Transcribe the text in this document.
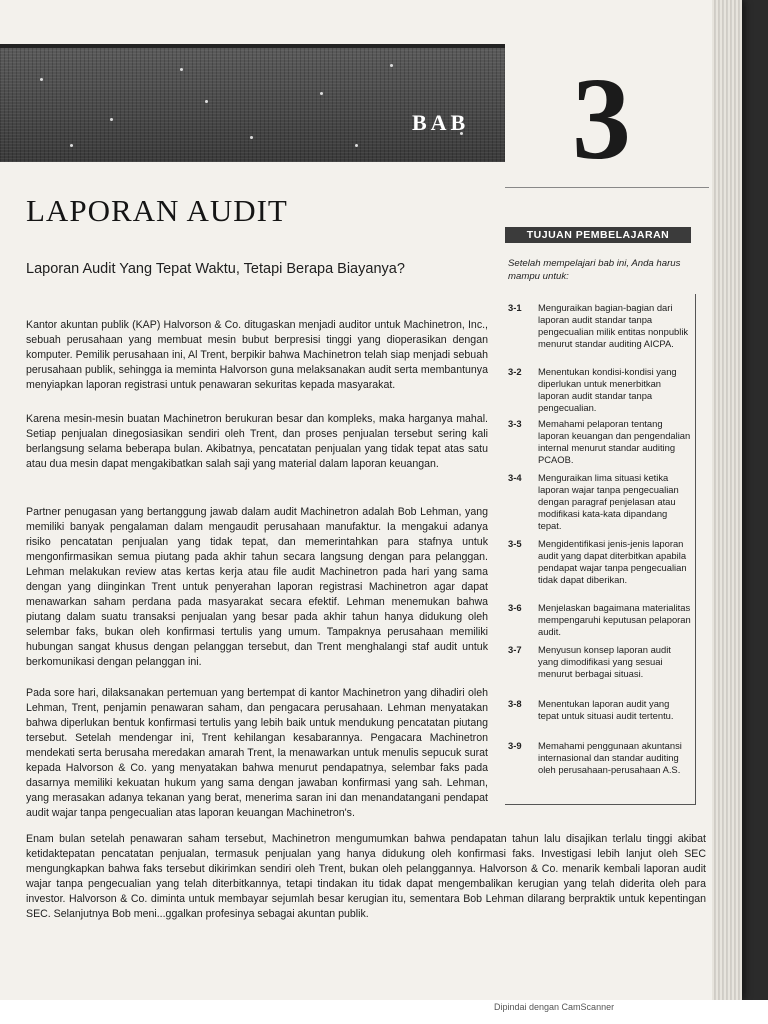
BAB 3
LAPORAN AUDIT
Laporan Audit Yang Tepat Waktu, Tetapi Berapa Biayanya?
Kantor akuntan publik (KAP) Halvorson & Co. ditugaskan menjadi auditor untuk Machinetron, Inc., sebuah perusahaan yang membuat mesin bubut berpresisi tinggi yang dioperasikan dengan komputer. Pemilik perusahaan ini, Al Trent, berpikir bahwa Machinetron telah siap menjadi sebuah perusahaan publik, sehingga ia meminta Halvorson guna melaksanakan audit serta membantunya menyiapkan laporan registrasi untuk penawaran sekuritas kepada masyarakat.
Karena mesin-mesin buatan Machinetron berukuran besar dan kompleks, maka harganya mahal. Setiap penjualan dinegosiasikan sendiri oleh Trent, dan proses penjualan tersebut sering kali berlangsung selama beberapa bulan. Akibatnya, pencatatan penjualan yang tidak tepat atas satu atau dua mesin dapat mengakibatkan salah saji yang material dalam laporan keuangan.
Partner penugasan yang bertanggung jawab dalam audit Machinetron adalah Bob Lehman, yang memiliki banyak pengalaman dalam mengaudit perusahaan manufaktur. Ia mengakui adanya risiko pencatatan penjualan yang tidak tepat, dan memerintahkan para stafnya untuk mengonfirmasikan semua piutang pada akhir tahun secara langsung dengan para pelanggan. Lehman melakukan review atas kertas kerja atau file audit Machinetron pada hari yang sama dengan yang diinginkan Trent untuk penyerahan laporan registrasi Machinetron agar dapat menawarkan saham perdana pada masyarakat secara efektif. Lehman menemukan bahwa piutang dalam suatu transaksi penjualan yang besar pada akhir tahun hanya didukung oleh selembar faks, bukan oleh konfirmasi tertulis yang umum. Tampaknya perusahaan memiliki hubungan sangat khusus dengan pelanggan tersebut, dan Trent menghalangi staf audit untuk berkomunikasi dengan pelanggan ini.
Pada sore hari, dilaksanakan pertemuan yang bertempat di kantor Machinetron yang dihadiri oleh Lehman, Trent, penjamin penawaran saham, dan pengacara perusahaan. Lehman menyatakan bahwa diperlukan bentuk konfirmasi tertulis yang lebih baik untuk mendukung pencatatan piutang tersebut. Setelah mendengar ini, Trent kehilangan kesabarannya. Pengacara Machinetron mendekati serta berusaha meredakan amarah Trent, la menawarkan untuk menulis sepucuk surat kepada Halvorson & Co. yang menyatakan bahwa menurut pendapatnya, selembar faks pada dasarnya memiliki kekuatan hukum yang sama dengan jawaban konfirmasi yang sah. Lehman, yang merasakan adanya tekanan yang berat, menerima saran ini dan menandatangani pendapat audit wajar tanpa pengecualian atas laporan keuangan Machinetron's.
Enam bulan setelah penawaran saham tersebut, Machinetron mengumumkan bahwa pendapatan tahun lalu disajikan terlalu tinggi akibat ketidaktepatan pencatatan penjualan, termasuk penjualan yang hanya didukung oleh konfirmasi faks. Investigasi lebih lanjut oleh SEC mengungkapkan bahwa faks tersebut dikirimkan sendiri oleh Trent, bukan oleh pelanggannya. Halvorson & Co. menarik kembali laporan audit wajar tanpa pengecualian yang telah diterbitkannya, tetapi tindakan itu tidak dapat mengembalikan kerugian yang telah diderita oleh para investor. Halvorson & Co. diminta untuk membayar sejumlah besar kerugian itu, sementara Bob Lehman dilarang berpraktik untuk kepentingan SEC. Selanjutnya Bob meni...ggalkan profesinya sebagai akuntan publik.
TUJUAN PEMBELAJARAN
Setelah mempelajari bab ini, Anda harus mampu untuk:
3-1	Menguraikan bagian-bagian dari laporan audit standar tanpa pengecualian milik entitas nonpublik menurut standar auditing AICPA.
3-2	Menentukan kondisi-kondisi yang diperlukan untuk menerbitkan laporan audit standar tanpa pengecualian.
3-3	Memahami pelaporan tentang laporan keuangan dan pengendalian internal menurut standar auditing PCAOB.
3-4	Menguraikan lima situasi ketika laporan wajar tanpa pengecualian dengan paragraf penjelasan atau modifikasi kata-kata dipandang tepat.
3-5	Mengidentifikasi jenis-jenis laporan audit yang dapat diterbitkan apabila pendapat wajar tanpa pengecualian tidak dapat diberikan.
3-6	Menjelaskan bagaimana materialitas mempengaruhi keputusan pelaporan audit.
3-7	Menyusun konsep laporan audit yang dimodifikasi yang sesuai menurut berbagai situasi.
3-8	Menentukan laporan audit yang tepat untuk situasi audit tertentu.
3-9	Memahami penggunaan akuntansi internasional dan standar auditing oleh perusahaan-perusahaan A.S.
Dipindai dengan CamScanner
